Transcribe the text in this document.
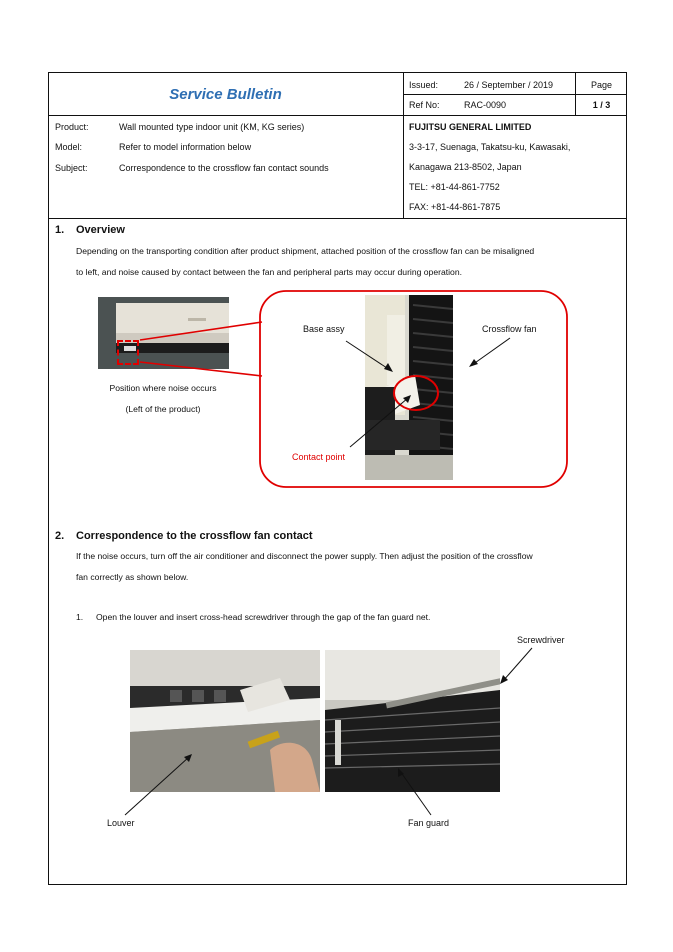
Service Bulletin
Issued:	26 / September / 2019	Page
Ref No:	RAC-0090	1 / 3
Product:	Wall mounted type indoor unit (KM, KG series)
Model:	Refer to model information below
Subject:	Correspondence to the crossflow fan contact sounds
FUJITSU GENERAL LIMITED
3-3-17, Suenaga, Takatsu-ku, Kawasaki,
Kanagawa 213-8502, Japan
TEL: +81-44-861-7752
FAX: +81-44-861-7875
1. Overview
Depending on the transporting condition after product shipment, attached position of the crossflow fan can be misaligned
to left, and noise caused by contact between the fan and peripheral parts may occur during operation.
Position where noise occurs
(Left of the product)
Base assy	Crossflow fan
Contact point
2. Correspondence to the crossflow fan contact
If the noise occurs, turn off the air conditioner and disconnect the power supply. Then adjust the position of the crossflow
fan correctly as shown below.
1. Open the louver and insert cross-head screwdriver through the gap of the fan guard net.
Screwdriver
Louver	Fan guard
